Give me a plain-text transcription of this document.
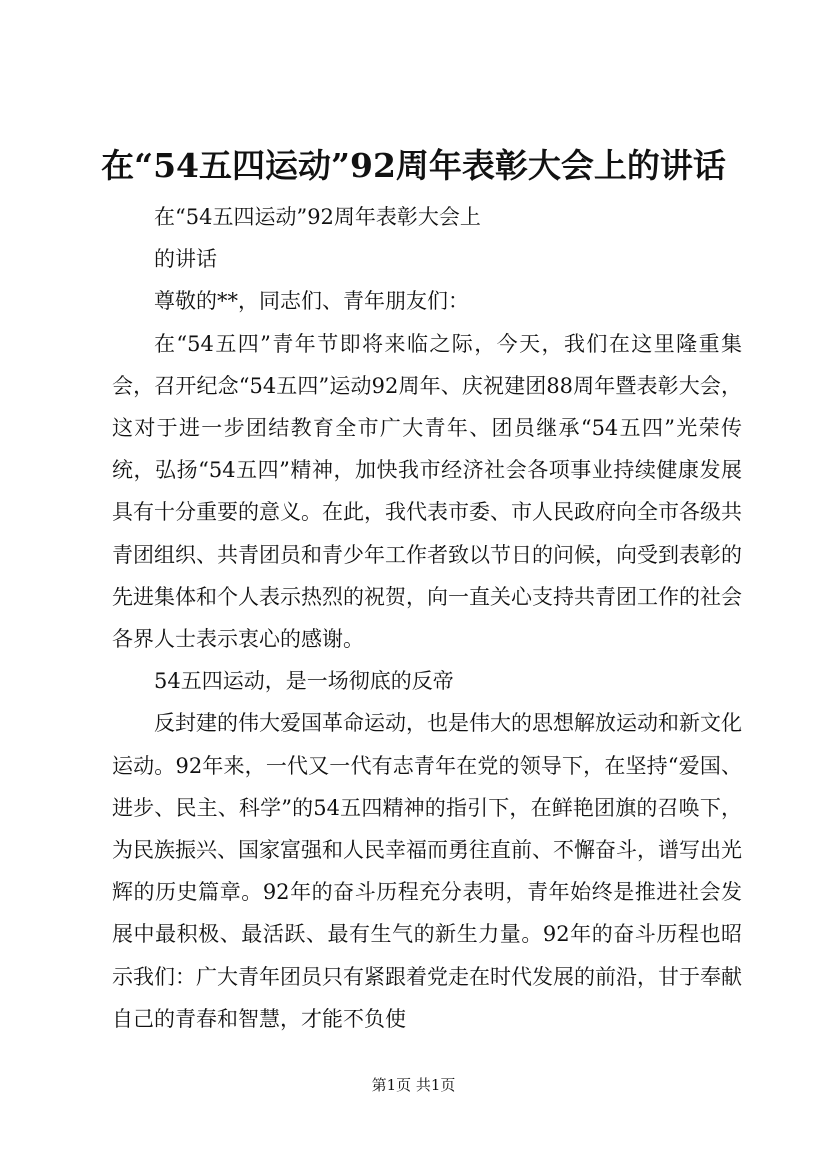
在“54五四运动”92周年表彰大会上的讲话

在“54五四运动”92周年表彰大会上

的讲话

尊敬的**，同志们、青年朋友们：

在“54五四”青年节即将来临之际，今天，我们在这里隆重集会，召开纪念“54五四”运动92周年、庆祝建团88周年暨表彰大会，这对于进一步团结教育全市广大青年、团员继承“54五四”光荣传统，弘扬“54五四”精神，加快我市经济社会各项事业持续健康发展具有十分重要的意义。在此，我代表市委、市人民政府向全市各级共青团组织、共青团员和青少年工作者致以节日的问候，向受到表彰的先进集体和个人表示热烈的祝贺，向一直关心支持共青团工作的社会各界人士表示衷心的感谢。

54五四运动，是一场彻底的反帝

反封建的伟大爱国革命运动，也是伟大的思想解放运动和新文化运动。92年来，一代又一代有志青年在党的领导下，在坚持“爱国、进步、民主、科学”的54五四精神的指引下，在鲜艳团旗的召唤下，为民族振兴、国家富强和人民幸福而勇往直前、不懈奋斗，谱写出光辉的历史篇章。92年的奋斗历程充分表明，青年始终是推进社会发展中最积极、最活跃、最有生气的新生力量。92年的奋斗历程也昭示我们：广大青年团员只有紧跟着党走在时代发展的前沿，甘于奉献自己的青春和智慧，才能不负使

第1页 共1页
